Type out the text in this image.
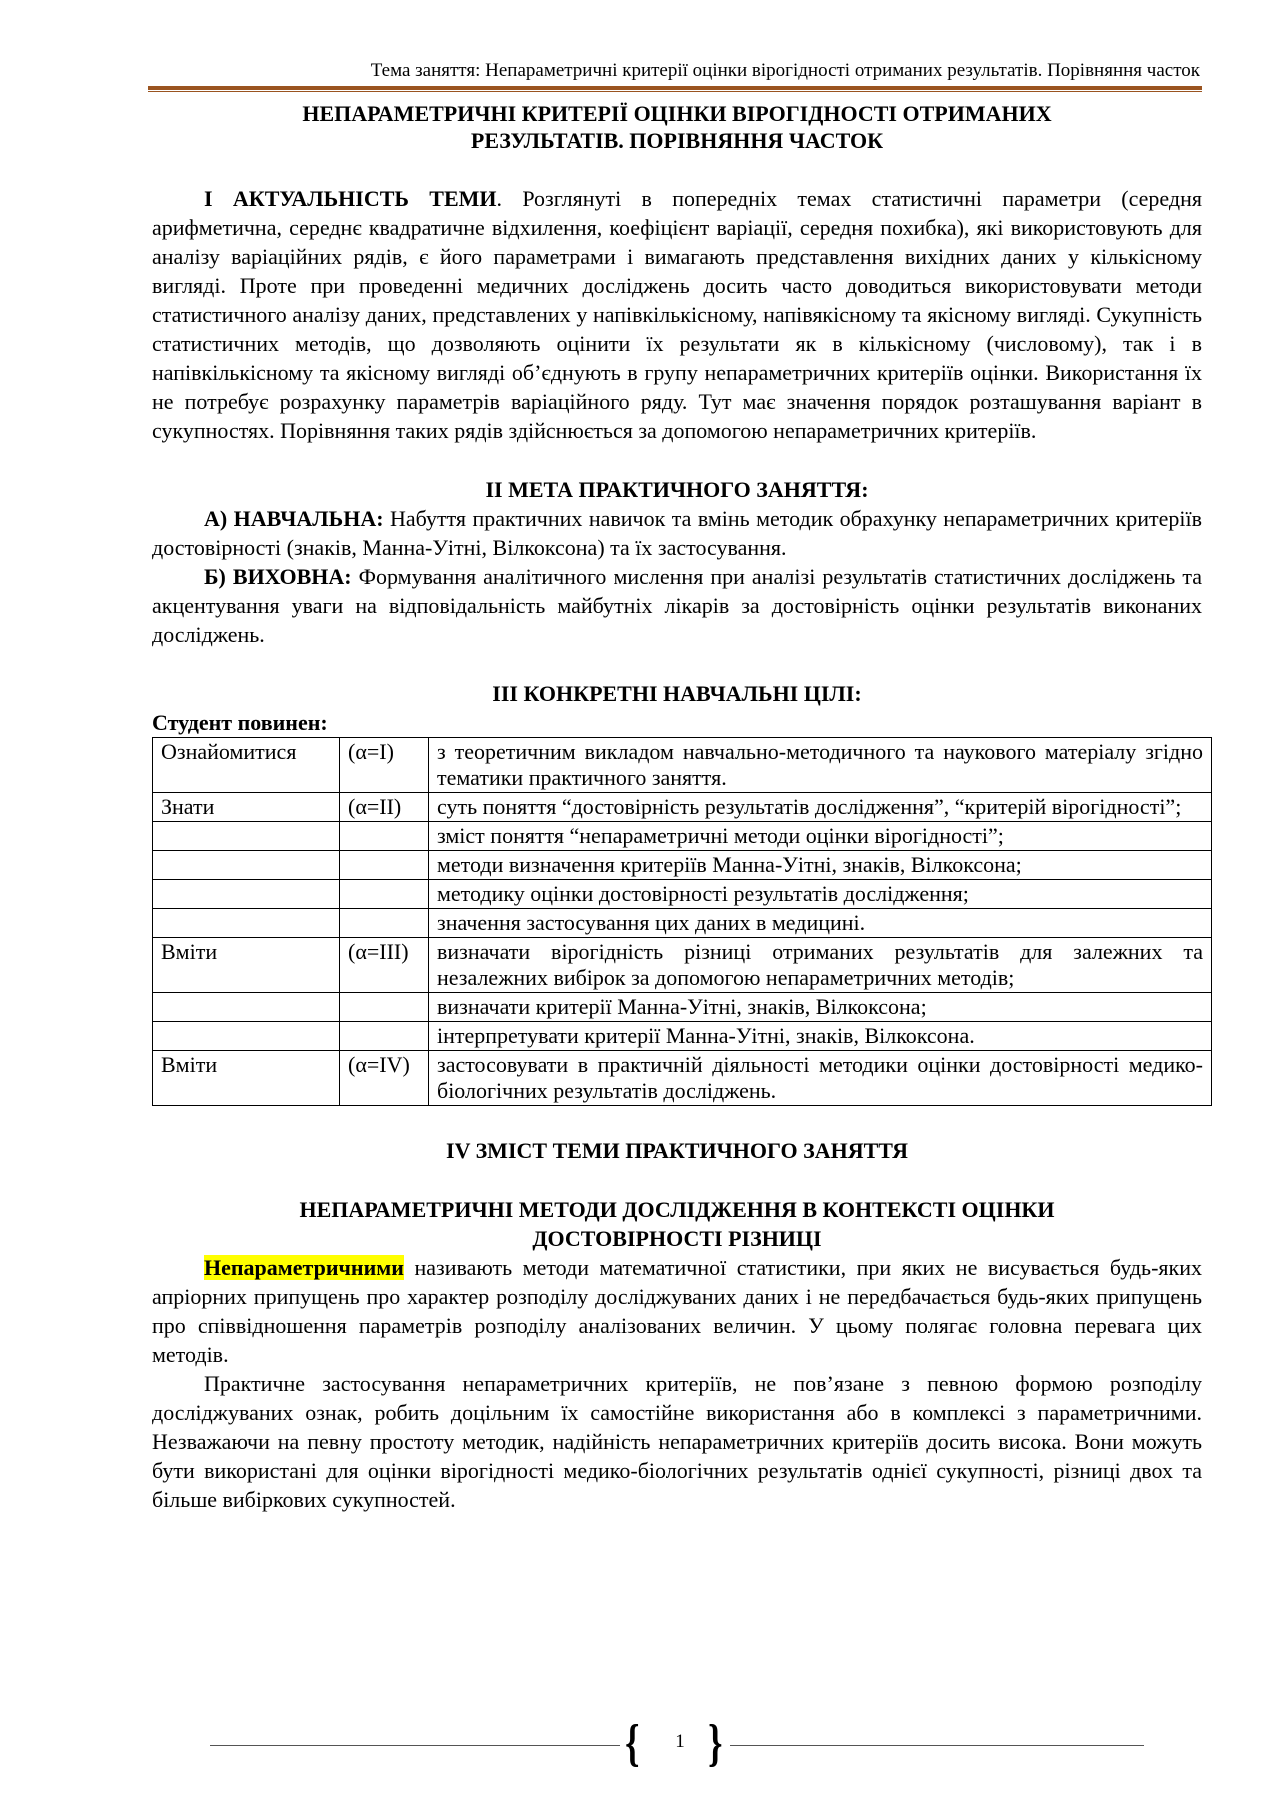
Тема заняття: Непараметричні критерії оцінки вірогідності отриманих результатів. Порівняння часток
НЕПАРАМЕТРИЧНІ КРИТЕРІЇ ОЦІНКИ ВІРОГІДНОСТІ ОТРИМАНИХ
РЕЗУЛЬТАТІВ. ПОРІВНЯННЯ ЧАСТОК

І АКТУАЛЬНІСТЬ ТЕМИ. Розглянуті в попередніх темах статистичні параметри (середня арифметична, середнє квадратичне відхилення, коефіцієнт варіації, середня похибка), які використовують для аналізу варіаційних рядів, є його параметрами і вимагають представлення вихідних даних у кількісному вигляді. Проте при проведенні медичних досліджень досить часто доводиться використовувати методи статистичного аналізу даних, представлених у напівкількісному, напівякісному та якісному вигляді. Сукупність статистичних методів, що дозволяють оцінити їх результати як в кількісному (числовому), так і в напівкількісному та якісному вигляді об’єднують в групу непараметричних критеріїв оцінки. Використання їх не потребує розрахунку параметрів варіаційного ряду. Тут має значення порядок розташування варіант в сукупностях. Порівняння таких рядів здійснюється за допомогою непараметричних критеріїв.

ІІ МЕТА ПРАКТИЧНОГО ЗАНЯТТЯ:

А) НАВЧАЛЬНА: Набуття практичних навичок та вмінь методик обрахунку непараметричних критеріїв достовірності (знаків, Манна-Уітні, Вілкоксона) та їх застосування.

Б) ВИХОВНА: Формування аналітичного мислення при аналізі результатів статистичних досліджень та акцентування уваги на відповідальність майбутніх лікарів за достовірність оцінки результатів виконаних досліджень.

ІІІ КОНКРЕТНІ НАВЧАЛЬНІ ЦІЛІ:
Студент повинен:
Ознайомитися	(α=I)	з теоретичним викладом навчально-методичного та наукового матеріалу згідно тематики практичного заняття.
Знати	(α=II)	суть поняття “достовірність результатів дослідження”, “критерій вірогідності”;
		зміст поняття “непараметричні методи оцінки вірогідності”;
		методи визначення критеріїв Манна-Уітні, знаків, Вілкоксона;
		методику оцінки достовірності результатів дослідження;
		значення застосування цих даних в медицині.
Вміти	(α=III)	визначати вірогідність різниці отриманих результатів для залежних та незалежних вибірок за допомогою непараметричних методів;
		визначати критерії Манна-Уітні, знаків, Вілкоксона;
		інтерпретувати критерії Манна-Уітні, знаків, Вілкоксона.
Вміти	(α=IV)	застосовувати в практичній діяльності методики оцінки достовірності медико-біологічних результатів досліджень.
IV ЗМІСТ ТЕМИ ПРАКТИЧНОГО ЗАНЯТТЯ
НЕПАРАМЕТРИЧНІ МЕТОДИ ДОСЛІДЖЕННЯ В КОНТЕКСТІ ОЦІНКИ
ДОСТОВІРНОСТІ РІЗНИЦІ

Непараметричними називають методи математичної статистики, при яких не висувається будь-яких апріорних припущень про характер розподілу досліджуваних даних і не передбачається будь-яких припущень про співвідношення параметрів розподілу аналізованих величин. У цьому полягає головна перевага цих методів.

Практичне застосування непараметричних критеріїв, не пов’язане з певною формою розподілу досліджуваних ознак, робить доцільним їх самостійне використання або в комплексі з параметричними. Незважаючи на певну простоту методик, надійність непараметричних критеріїв досить висока. Вони можуть бути використані для оцінки вірогідності медико-біологічних результатів однієї сукупності, різниці двох та більше вибіркових сукупностей.

{	1 }
